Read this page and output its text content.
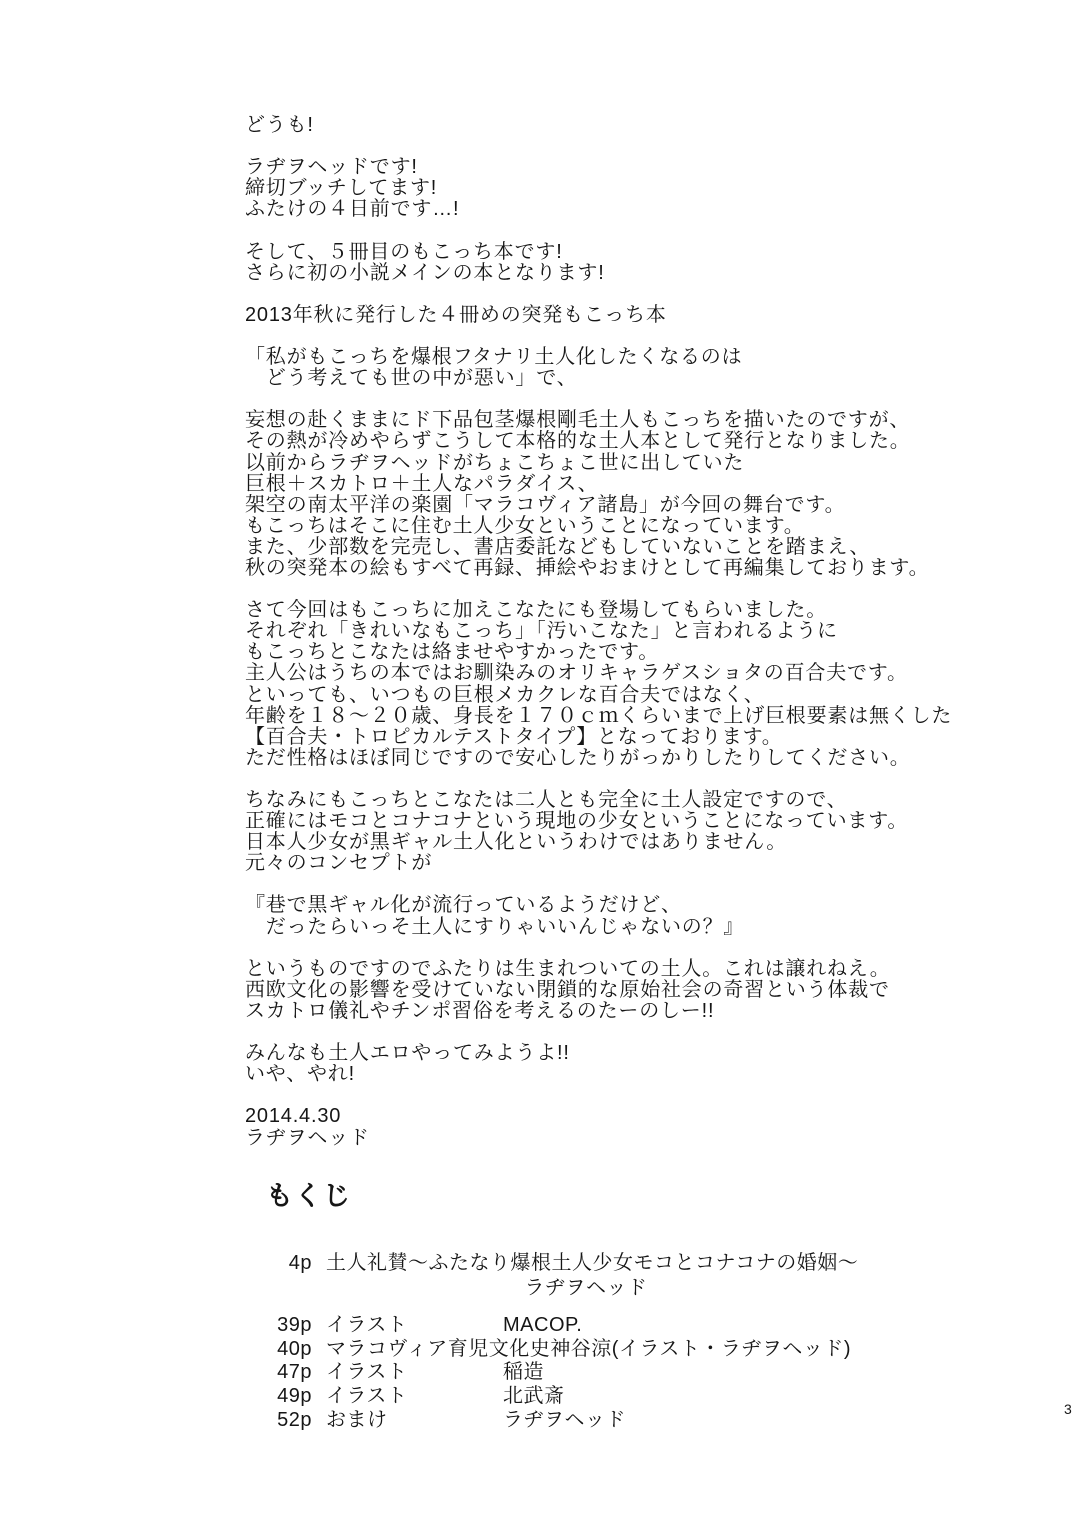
どうも!
ラヂヲヘッドです!
締切ブッチしてます!
ふたけの４日前です…!
そして、５冊目のもこっち本です!
さらに初の小説メインの本となります!
2013年秋に発行した４冊めの突発もこっち本
「私がもこっちを爆根フタナリ土人化したくなるのは
　どう考えても世の中が惡い」で、
妄想の赴くままにド下品包茎爆根剛毛土人もこっちを描いたのですが、
その熱が冷めやらずこうして本格的な土人本として発行となりました。
以前からラヂヲヘッドがちょこちょこ世に出していた
巨根＋スカトロ＋土人なパラダイス、
架空の南太平洋の楽園「マラコヴィア諸島」が今回の舞台です。
もこっちはそこに住む土人少女ということになっています。
また、少部数を完売し、書店委託などもしていないことを踏まえ、
秋の突発本の絵もすべて再録、挿絵やおまけとして再編集しております。
さて今回はもこっちに加えこなたにも登場してもらいました。
それぞれ「きれいなもこっち」「汚いこなた」と言われるように
もこっちとこなたは絡ませやすかったです。
主人公はうちの本ではお馴染みのオリキャラゲスショタの百合夫です。
といっても、いつもの巨根メカクレな百合夫ではなく、
年齢を１８〜２０歳、身長を１７０ｃｍくらいまで上げ巨根要素は無くした
【百合夫・トロピカルテストタイプ】となっております。
ただ性格はほぼ同じですので安心したりがっかりしたりしてください。
ちなみにもこっちとこなたは二人とも完全に土人設定ですので、
正確にはモコとコナコナという現地の少女ということになっています。
日本人少女が黒ギャル土人化というわけではありません。
元々のコンセプトが
『巷で黒ギャル化が流行っているようだけど、
　だったらいっそ土人にすりゃいいんじゃないの？』
というものですのでふたりは生まれついての土人。これは譲れねえ。
西欧文化の影響を受けていない閉鎖的な原始社会の奇習という体裁で
スカトロ儀礼やチンポ習俗を考えるのたーのしー!!
みんなも土人エロやってみようよ!!
いや、やれ!
2014.4.30
ラヂヲヘッド
もくじ
4p 土人礼賛〜ふたなり爆根土人少女モコとコナコナの婚姻〜
ラヂヲヘッド
39p イラスト	MACOP.
40p マラコヴィア育児文化史 神谷涼(イラスト・ラヂヲヘッド)
47p イラスト	稲造
49p イラスト	北武斎
52p おまけ	ラヂヲヘッド	3
